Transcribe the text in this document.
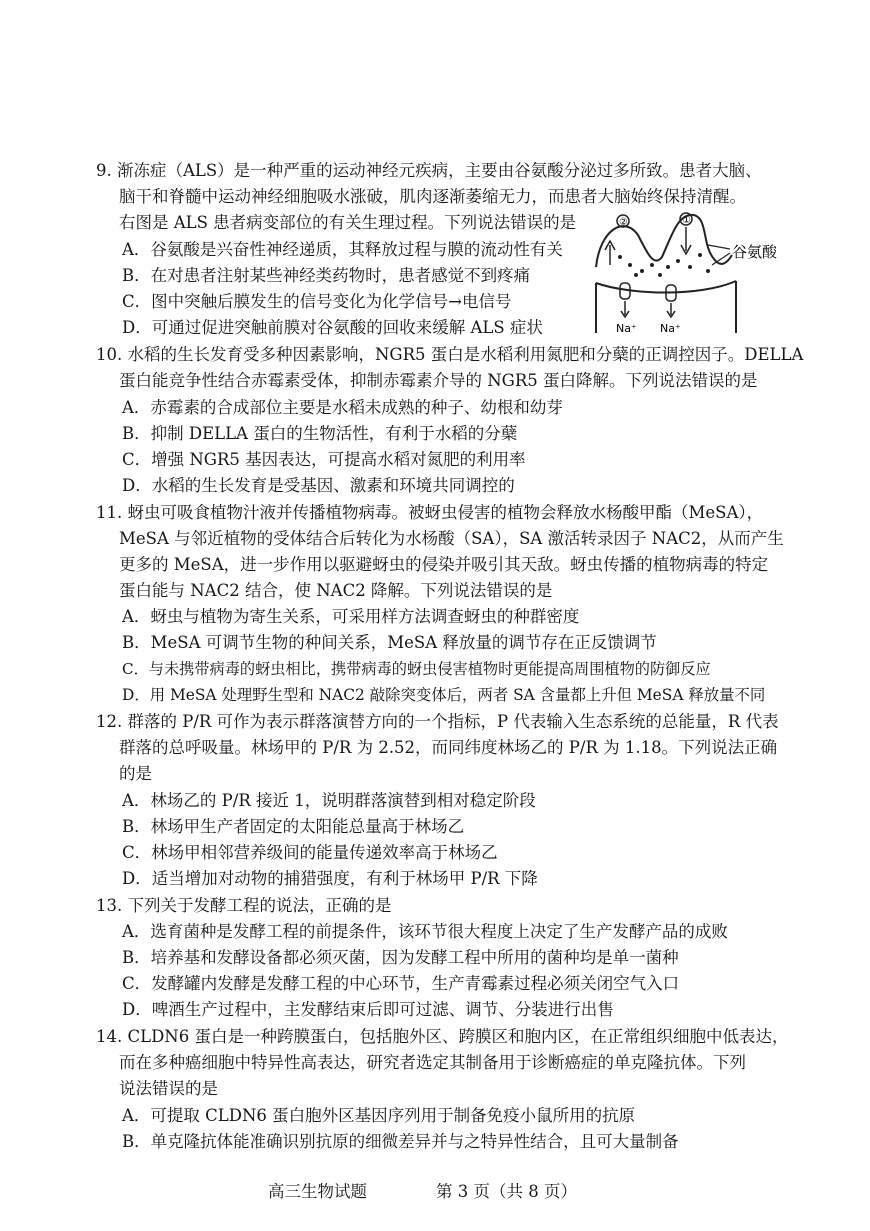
9. 渐冻症（ALS）是一种严重的运动神经元疾病，主要由谷氨酸分泌过多所致。患者大脑、
脑干和脊髓中运动神经细胞吸水涨破，肌肉逐渐萎缩无力，而患者大脑始终保持清醒。
右图是 ALS 患者病变部位的有关生理过程。下列说法错误的是
A．谷氨酸是兴奋性神经递质，其释放过程与膜的流动性有关
B．在对患者注射某些神经类药物时，患者感觉不到疼痛
C．图中突触后膜发生的信号变化为化学信号→电信号
D．可通过促进突触前膜对谷氨酸的回收来缓解 ALS 症状
②	①
Na⁺ Na⁺
谷氨酸
10. 水稻的生长发育受多种因素影响，NGR5 蛋白是水稻利用氮肥和分蘖的正调控因子。DELLA
蛋白能竞争性结合赤霉素受体，抑制赤霉素介导的 NGR5 蛋白降解。下列说法错误的是
A．赤霉素的合成部位主要是水稻未成熟的种子、幼根和幼芽
B．抑制 DELLA 蛋白的生物活性，有利于水稻的分蘖
C．增强 NGR5 基因表达，可提高水稻对氮肥的利用率
D．水稻的生长发育是受基因、激素和环境共同调控的
11. 蚜虫可吸食植物汁液并传播植物病毒。被蚜虫侵害的植物会释放水杨酸甲酯（MeSA），
MeSA 与邻近植物的受体结合后转化为水杨酸（SA），SA 激活转录因子 NAC2，从而产生
更多的 MeSA，进一步作用以驱避蚜虫的侵染并吸引其天敌。蚜虫传播的植物病毒的特定
蛋白能与 NAC2 结合，使 NAC2 降解。下列说法错误的是
A．蚜虫与植物为寄生关系，可采用样方法调查蚜虫的种群密度
B．MeSA 可调节生物的种间关系，MeSA 释放量的调节存在正反馈调节
C．与未携带病毒的蚜虫相比，携带病毒的蚜虫侵害植物时更能提高周围植物的防御反应
D．用 MeSA 处理野生型和 NAC2 敲除突变体后，两者 SA 含量都上升但 MeSA 释放量不同
12. 群落的 P/R 可作为表示群落演替方向的一个指标，P 代表输入生态系统的总能量，R 代表
群落的总呼吸量。林场甲的 P/R 为 2.52，而同纬度林场乙的 P/R 为 1.18。下列说法正确
的是
A．林场乙的 P/R 接近 1，说明群落演替到相对稳定阶段
B．林场甲生产者固定的太阳能总量高于林场乙
C．林场甲相邻营养级间的能量传递效率高于林场乙
D．适当增加对动物的捕猎强度，有利于林场甲 P/R 下降
13. 下列关于发酵工程的说法，正确的是
A．选育菌种是发酵工程的前提条件，该环节很大程度上决定了生产发酵产品的成败
B．培养基和发酵设备都必须灭菌，因为发酵工程中所用的菌种均是单一菌种
C．发酵罐内发酵是发酵工程的中心环节，生产青霉素过程必须关闭空气入口
D．啤酒生产过程中，主发酵结束后即可过滤、调节、分装进行出售
14. CLDN6 蛋白是一种跨膜蛋白，包括胞外区、跨膜区和胞内区，在正常组织细胞中低表达，
而在多种癌细胞中特异性高表达，研究者选定其制备用于诊断癌症的单克隆抗体。下列
说法错误的是
A．可提取 CLDN6 蛋白胞外区基因序列用于制备免疫小鼠所用的抗原
B．单克隆抗体能准确识别抗原的细微差异并与之特异性结合，且可大量制备
高三生物试题	第 3 页（共 8 页）
